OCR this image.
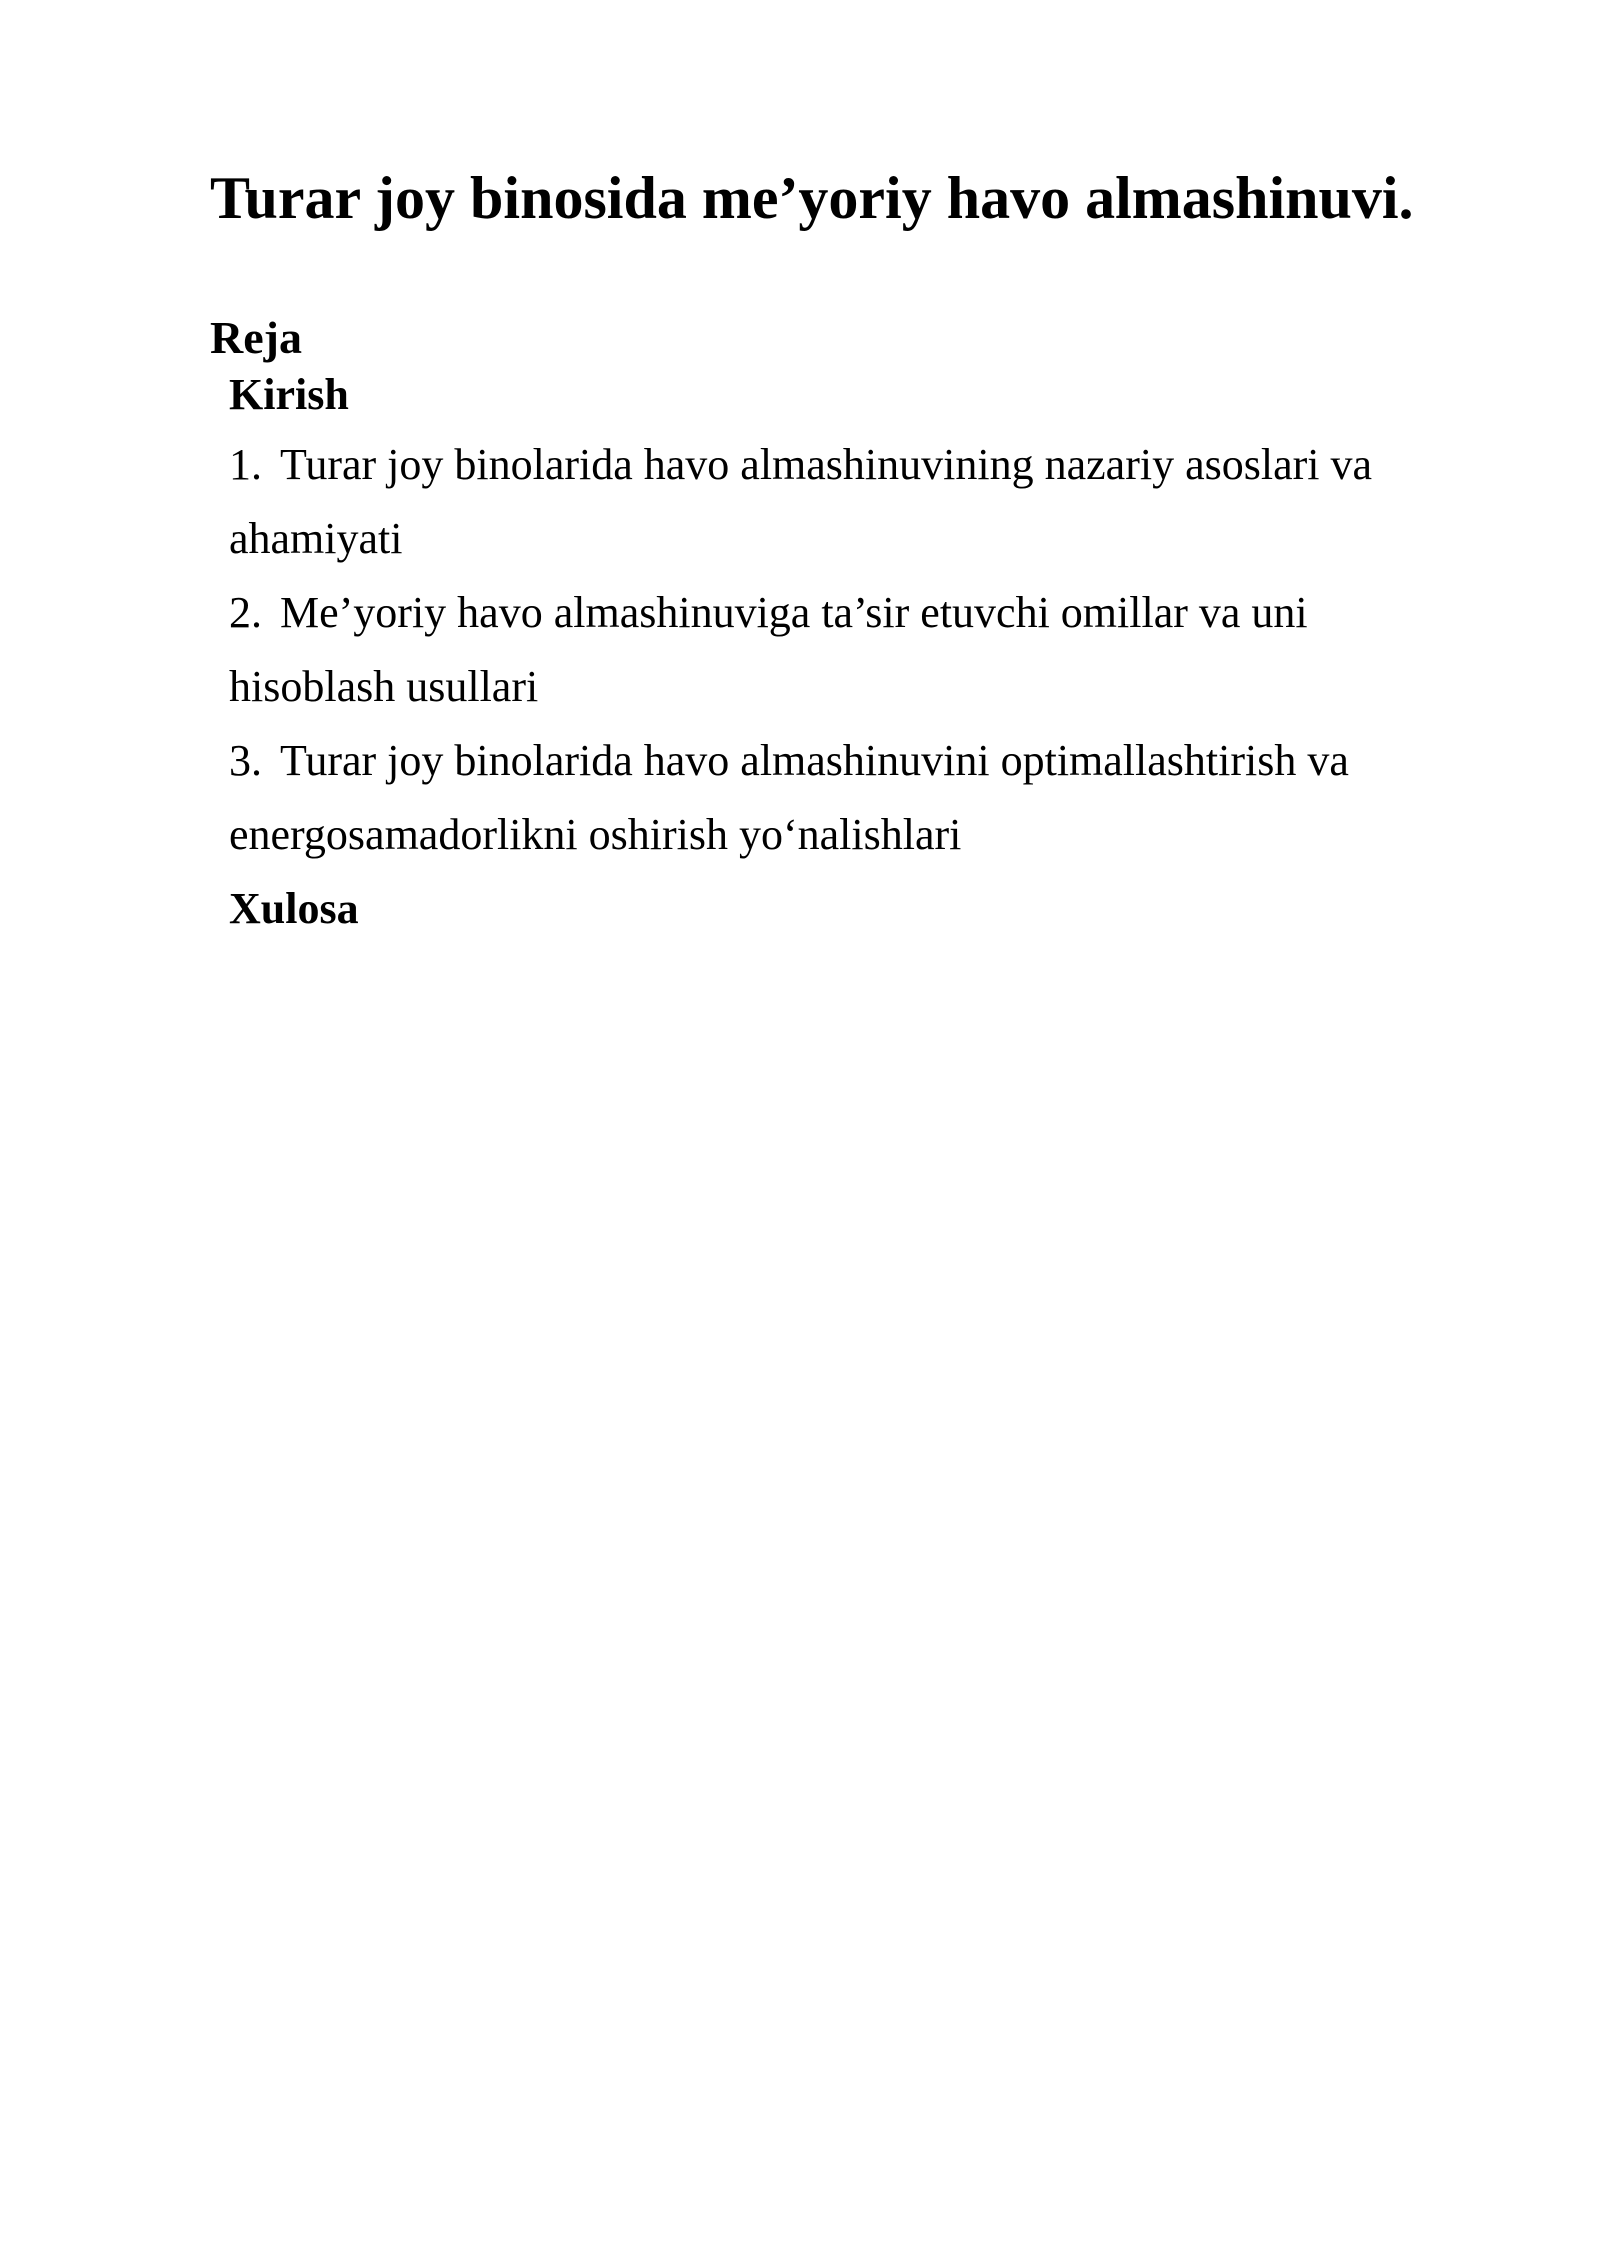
Turar joy binosida me’yoriy havo almashinuvi.
Reja
Kirish
1. Turar joy binolarida havo almashinuvining nazariy asoslari va ahamiyati
2. Me’yoriy havo almashinuviga ta’sir etuvchi omillar va uni hisoblash usullari
3. Turar joy binolarida havo almashinuvini optimallashtirish va energosamadorlikni oshirish yo‘nalishlari
Xulosa
